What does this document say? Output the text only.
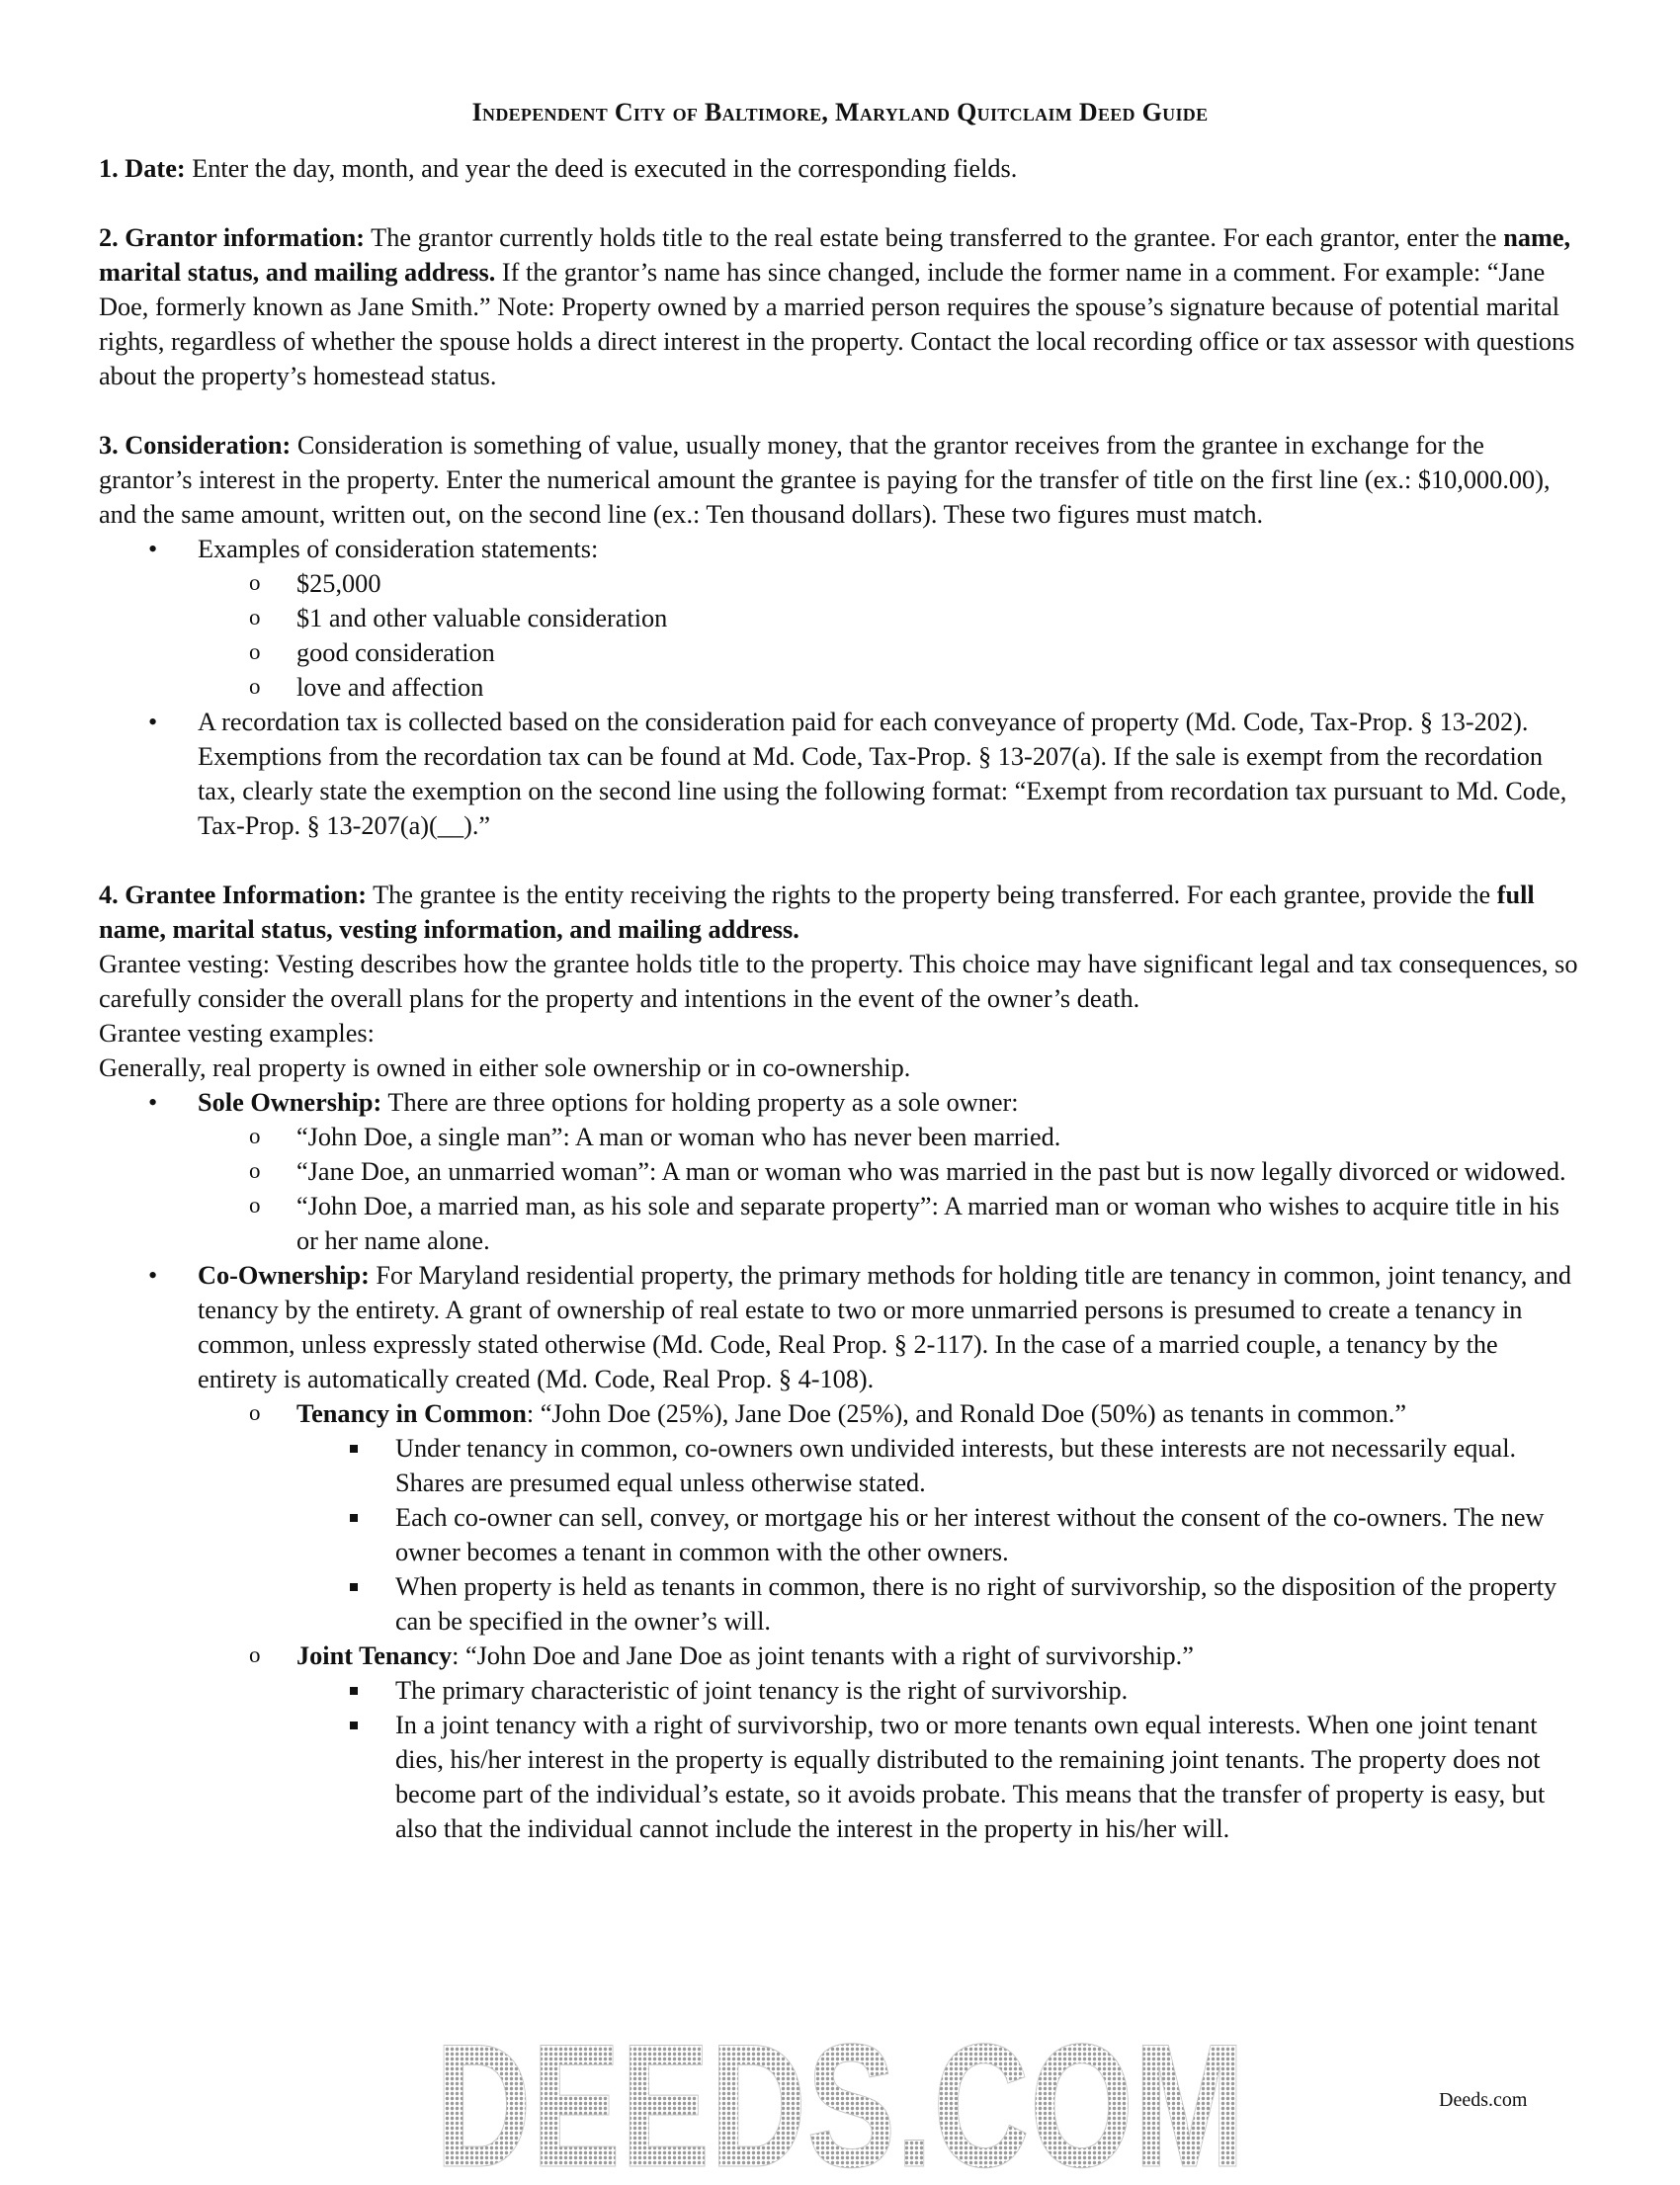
Independent City of Baltimore, Maryland Quitclaim Deed Guide

1. Date: Enter the day, month, and year the deed is executed in the corresponding fields.

2. Grantor information: The grantor currently holds title to the real estate being transferred to the grantee. For each grantor, enter the name, marital status, and mailing address. If the grantor’s name has since changed, include the former name in a comment. For example: “Jane Doe, formerly known as Jane Smith.” Note: Property owned by a married person requires the spouse’s signature because of potential marital rights, regardless of whether the spouse holds a direct interest in the property. Contact the local recording office or tax assessor with questions about the property’s homestead status.

3. Consideration: Consideration is something of value, usually money, that the grantor receives from the grantee in exchange for the grantor’s interest in the property. Enter the numerical amount the grantee is paying for the transfer of title on the first line (ex.: $10,000.00), and the same amount, written out, on the second line (ex.: Ten thousand dollars). These two figures must match.

• Examples of consideration statements:
o $25,000
o $1 and other valuable consideration
o good consideration
o love and affection
• A recordation tax is collected based on the consideration paid for each conveyance of property (Md. Code, Tax-Prop. § 13-202). Exemptions from the recordation tax can be found at Md. Code, Tax-Prop. § 13-207(a). If the sale is exempt from the recordation tax, clearly state the exemption on the second line using the following format: “Exempt from recordation tax pursuant to Md. Code, Tax-Prop. § 13-207(a)(__).”

4. Grantee Information: The grantee is the entity receiving the rights to the property being transferred. For each grantee, provide the full name, marital status, vesting information, and mailing address.

Grantee vesting: Vesting describes how the grantee holds title to the property. This choice may have significant legal and tax consequences, so carefully consider the overall plans for the property and intentions in the event of the owner’s death.

Grantee vesting examples:

Generally, real property is owned in either sole ownership or in co-ownership.

• Sole Ownership: There are three options for holding property as a sole owner:
o “John Doe, a single man”: A man or woman who has never been married.
o “Jane Doe, an unmarried woman”: A man or woman who was married in the past but is now legally divorced or widowed.
o “John Doe, a married man, as his sole and separate property”: A married man or woman who wishes to acquire title in his or her name alone.
• Co-Ownership: For Maryland residential property, the primary methods for holding title are tenancy in common, joint tenancy, and tenancy by the entirety. A grant of ownership of real estate to two or more unmarried persons is presumed to create a tenancy in common, unless expressly stated otherwise (Md. Code, Real Prop. § 2-117). In the case of a married couple, a tenancy by the entirety is automatically created (Md. Code, Real Prop. § 4-108).
o Tenancy in Common: “John Doe (25%), Jane Doe (25%), and Ronald Doe (50%) as tenants in common.”
Under tenancy in common, co-owners own undivided interests, but these interests are not necessarily equal. Shares are presumed equal unless otherwise stated.
Each co-owner can sell, convey, or mortgage his or her interest without the consent of the co-owners. The new owner becomes a tenant in common with the other owners.
When property is held as tenants in common, there is no right of survivorship, so the disposition of the property can be specified in the owner’s will.
o Joint Tenancy: “John Doe and Jane Doe as joint tenants with a right of survivorship.”
The primary characteristic of joint tenancy is the right of survivorship.
In a joint tenancy with a right of survivorship, two or more tenants own equal interests. When one joint tenant dies, his/her interest in the property is equally distributed to the remaining joint tenants. The property does not become part of the individual’s estate, so it avoids probate. This means that the transfer of property is easy, but also that the individual cannot include the interest in the property in his/her will.
DEEDS.COM	Deeds.com
